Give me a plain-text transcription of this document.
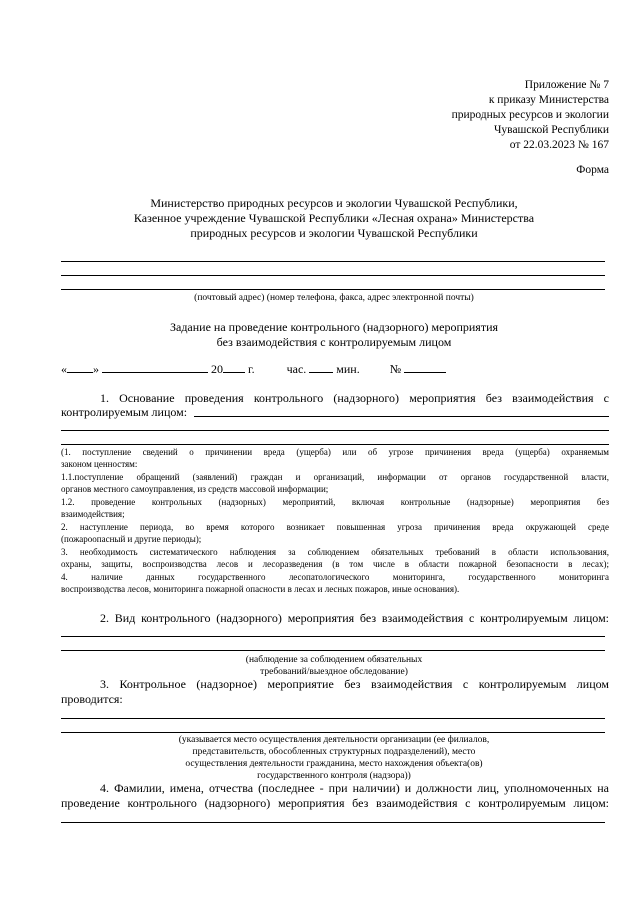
Приложение № 7
к приказу Министерства
природных ресурсов и экологии
Чувашской Республики
от 22.03.2023 № 167
Форма
Министерство природных ресурсов и экологии Чувашской Республики,
Казенное учреждение Чувашской Республики «Лесная охрана» Министерства
природных ресурсов и экологии Чувашской Республики
(почтовый адрес) (номер телефона, факса, адрес электронной почты)
Задание на проведение контрольного (надзорного) мероприятия
без взаимодействия с контролируемым лицом
« »	20 г.	час.	мин.	№
1. Основание проведения контрольного (надзорного) мероприятия без взаимодействия с
контролируемым лицом:
(1. поступление сведений о причинении вреда (ущерба) или об угрозе причинения вреда (ущерба) охраняемым
законом ценностям:
1.1.поступление обращений (заявлений) граждан и организаций, информации от органов государственной власти,
органов местного самоуправления, из средств массовой информации;
1.2. проведение контрольных (надзорных) мероприятий, включая контрольные (надзорные) мероприятия без
взаимодействия;
2. наступление периода, во время которого возникает повышенная угроза причинения вреда окружающей среде
(пожароопасный и другие периоды);
3. необходимость систематического наблюдения за соблюдением обязательных требований в области использования,
охраны, защиты, воспроизводства лесов и лесоразведения (в том числе в области пожарной безопасности в лесах);
4. наличие данных государственного лесопатологического мониторинга, государственного мониторинга
воспроизводства лесов, мониторинга пожарной опасности в лесах и лесных пожаров, иные основания).
2. Вид контрольного (надзорного) мероприятия без взаимодействия с контролируемым лицом:
(наблюдение за соблюдением обязательных
требований/выездное обследование)
3. Контрольное (надзорное) мероприятие без взаимодействия с контролируемым лицом
проводится:
(указывается место осуществления деятельности организации (ее филиалов,
представительств, обособленных структурных подразделений), место
осуществления деятельности гражданина, место нахождения объекта(ов)
государственного контроля (надзора))
4. Фамилии, имена, отчества (последнее - при наличии) и должности лиц, уполномоченных на
проведение контрольного (надзорного) мероприятия без взаимодействия с контролируемым лицом:
